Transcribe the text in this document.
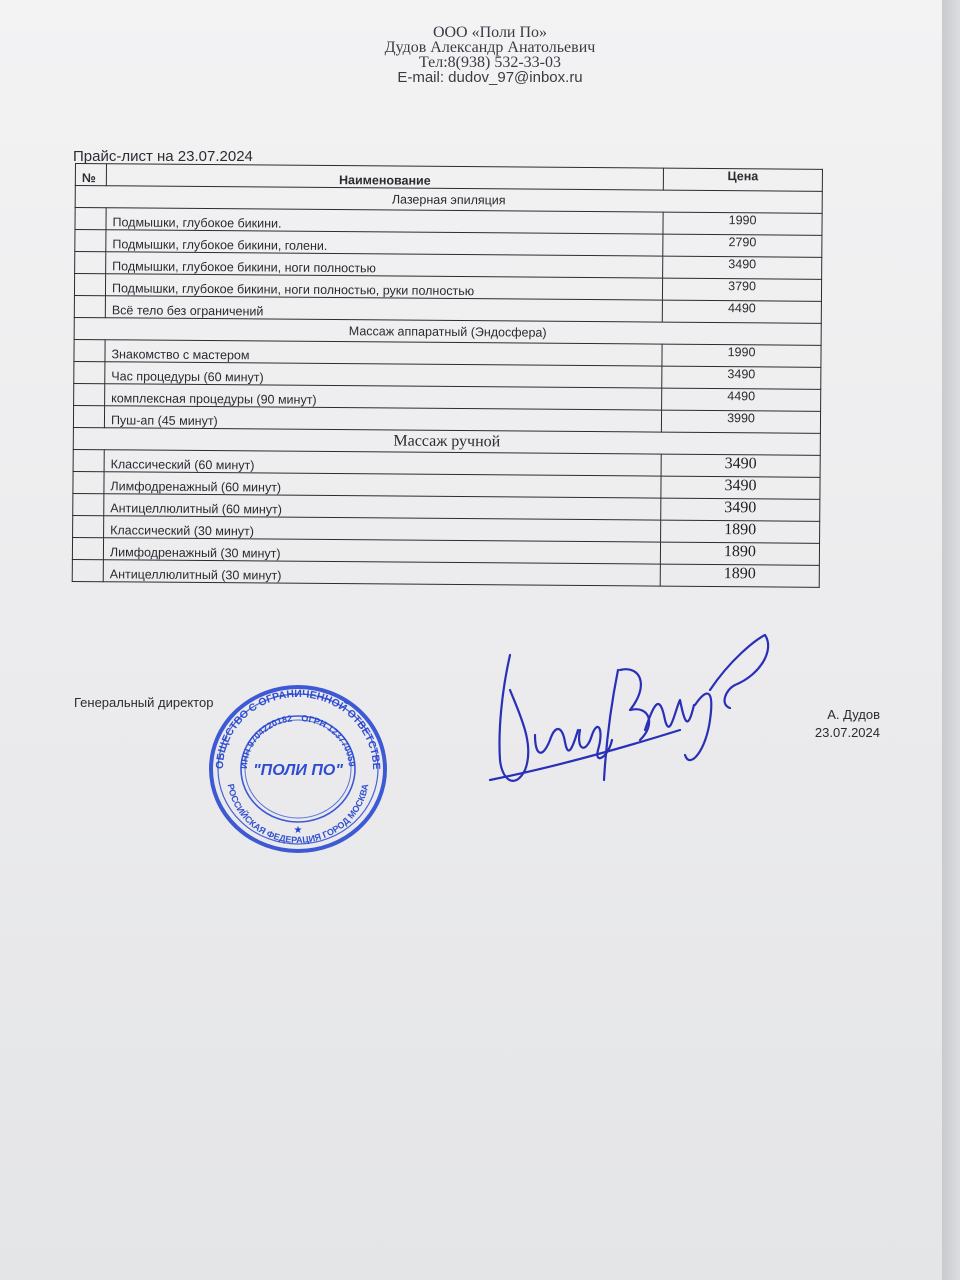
ООО «Поли По»
Дудов Александр Анатольевич
Тел:8(938) 532-33-03
E-mail: dudov_97@inbox.ru
Прайс-лист на 23.07.2024
№	Наименование	Цена
Лазерная эпиляция		
	Подмышки, глубокое бикини.	1990
	Подмышки, глубокое бикини, голени.	2790
	Подмышки, глубокое бикини, ноги полностью	3490
	Подмышки, глубокое бикини, ноги полностью, руки полностью	3790
	Всё тело без ограничений	4490
Массаж аппаратный (Эндосфера)		
	Знакомство с мастером	1990
	Час процедуры (60 минут)	3490
	комплексная процедуры (90 минут)	4490
	Пуш-ап (45 минут)	3990
Массаж ручной		
	Классический (60 минут)	3490
	Лимфодренажный (60 минут)	3490
	Антицеллюлитный (60 минут)	3490
	Классический (30 минут)	1890
	Лимфодренажный (30 минут)	1890
	Антицеллюлитный (30 минут)	1890
Генеральный директор
ОБЩЕСТВО С ОГРАНИЧЕННОЙ ОТВЕТСТВЕ
РОССИЙСКАЯ ФЕДЕРАЦИЯ ГОРОД МОСКВА
ИНН 9704220182 ОГРН 123770059
"ПОЛИ ПО"
★
А. Дудов
23.07.2024
